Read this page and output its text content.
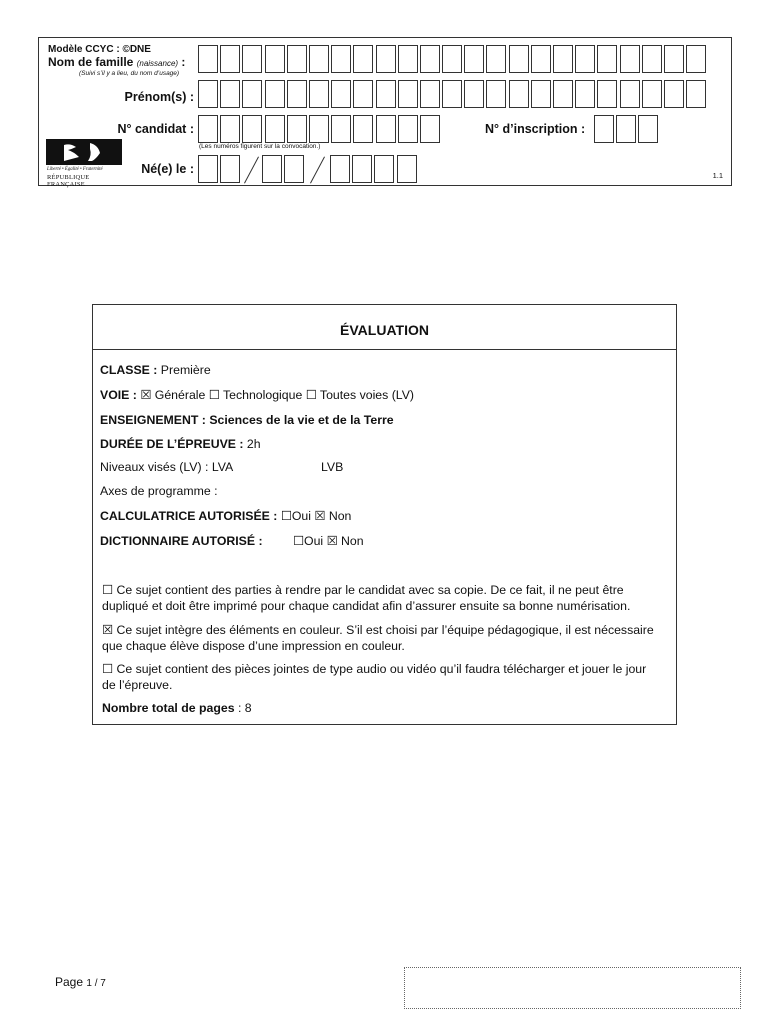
Modèle CCYC : ©DNE
Nom de famille (naissance) :
(Suivi s’il y a lieu, du nom d’usage)
Prénom(s) :
N° candidat :	N° d’inscription :
(Les numéros figurent sur la convocation.)
Liberté • Égalité • Fraternité
RÉPUBLIQUE FRANÇAISE
Né(e) le :	1.1
ÉVALUATION
CLASSE : Première
VOIE : ☒ Générale ☐ Technologique ☐ Toutes voies (LV)
ENSEIGNEMENT : Sciences de la vie et de la Terre
DURÉE DE L’ÉPREUVE : 2h
Niveaux visés (LV) : LVA	LVB
Axes de programme :
CALCULATRICE AUTORISÉE : ☐Oui ☒ Non
DICTIONNAIRE AUTORISÉ : ☐Oui ☒ Non
☐ Ce sujet contient des parties à rendre par le candidat avec sa copie. De ce fait, il ne peut être dupliqué et doit être imprimé pour chaque candidat afin d’assurer ensuite sa bonne numérisation.
☒ Ce sujet intègre des éléments en couleur. S’il est choisi par l’équipe pédagogique, il est nécessaire que chaque élève dispose d’une impression en couleur.
☐ Ce sujet contient des pièces jointes de type audio ou vidéo qu’il faudra télécharger et jouer le jour de l’épreuve.
Nombre total de pages : 8
Page 1 / 7
